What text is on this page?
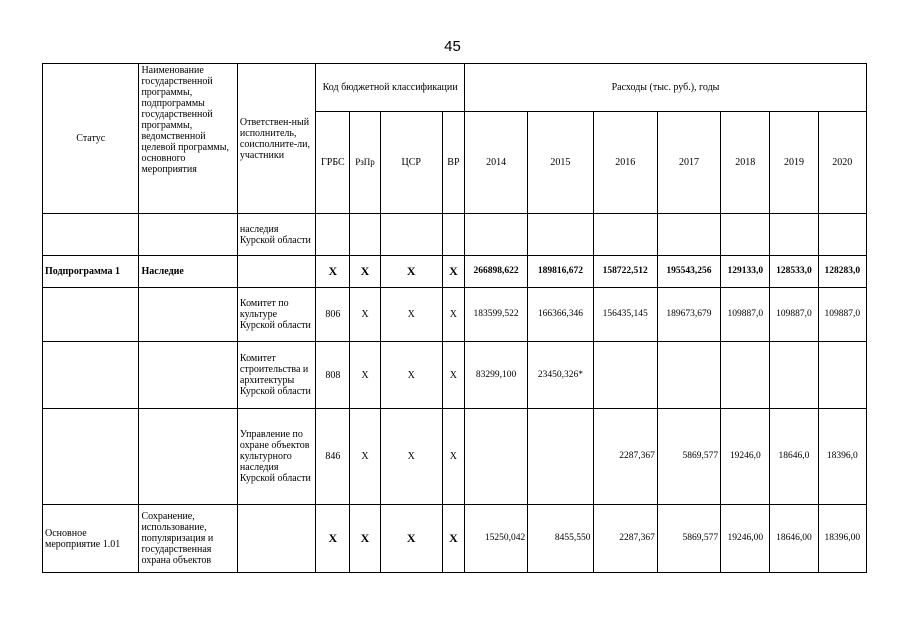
45
Статус	Наименование государственной программы, подпрограммы государственной программы, ведомственной целевой программы, основного мероприятия	Ответствен-ный исполнитель, соисполните-ли, участники	Код бюджетной классификации				Расходы (тыс. руб.), годы						
			ГРБС	РзПр	ЦСР	ВР	2014	2015	2016	2017	2018	2019	2020
		наследия Курской области											
Подпрограмма 1	Наследие		Х	Х	Х	Х	266898,622	189816,672	158722,512	195543,256	129133,0	128533,0	128283,0
		Комитет по культуре Курской области	806	Х	Х	Х	183599,522	166366,346	156435,145	189673,679	109887,0	109887,0	109887,0
		Комитет строительства и архитектуры Курской области	808	Х	Х	Х	83299,100	23450,326*					
		Управление по охране объектов культурного наследия Курской области	846	Х	Х	Х			2287,367	5869,577	19246,0	18646,0	18396,0
Основное мероприятие 1.01	Сохранение, использование, популяризация и государственная охрана объектов		Х	Х	Х	Х	15250,042	8455,550	2287,367	5869,577	19246,00	18646,00	18396,00
